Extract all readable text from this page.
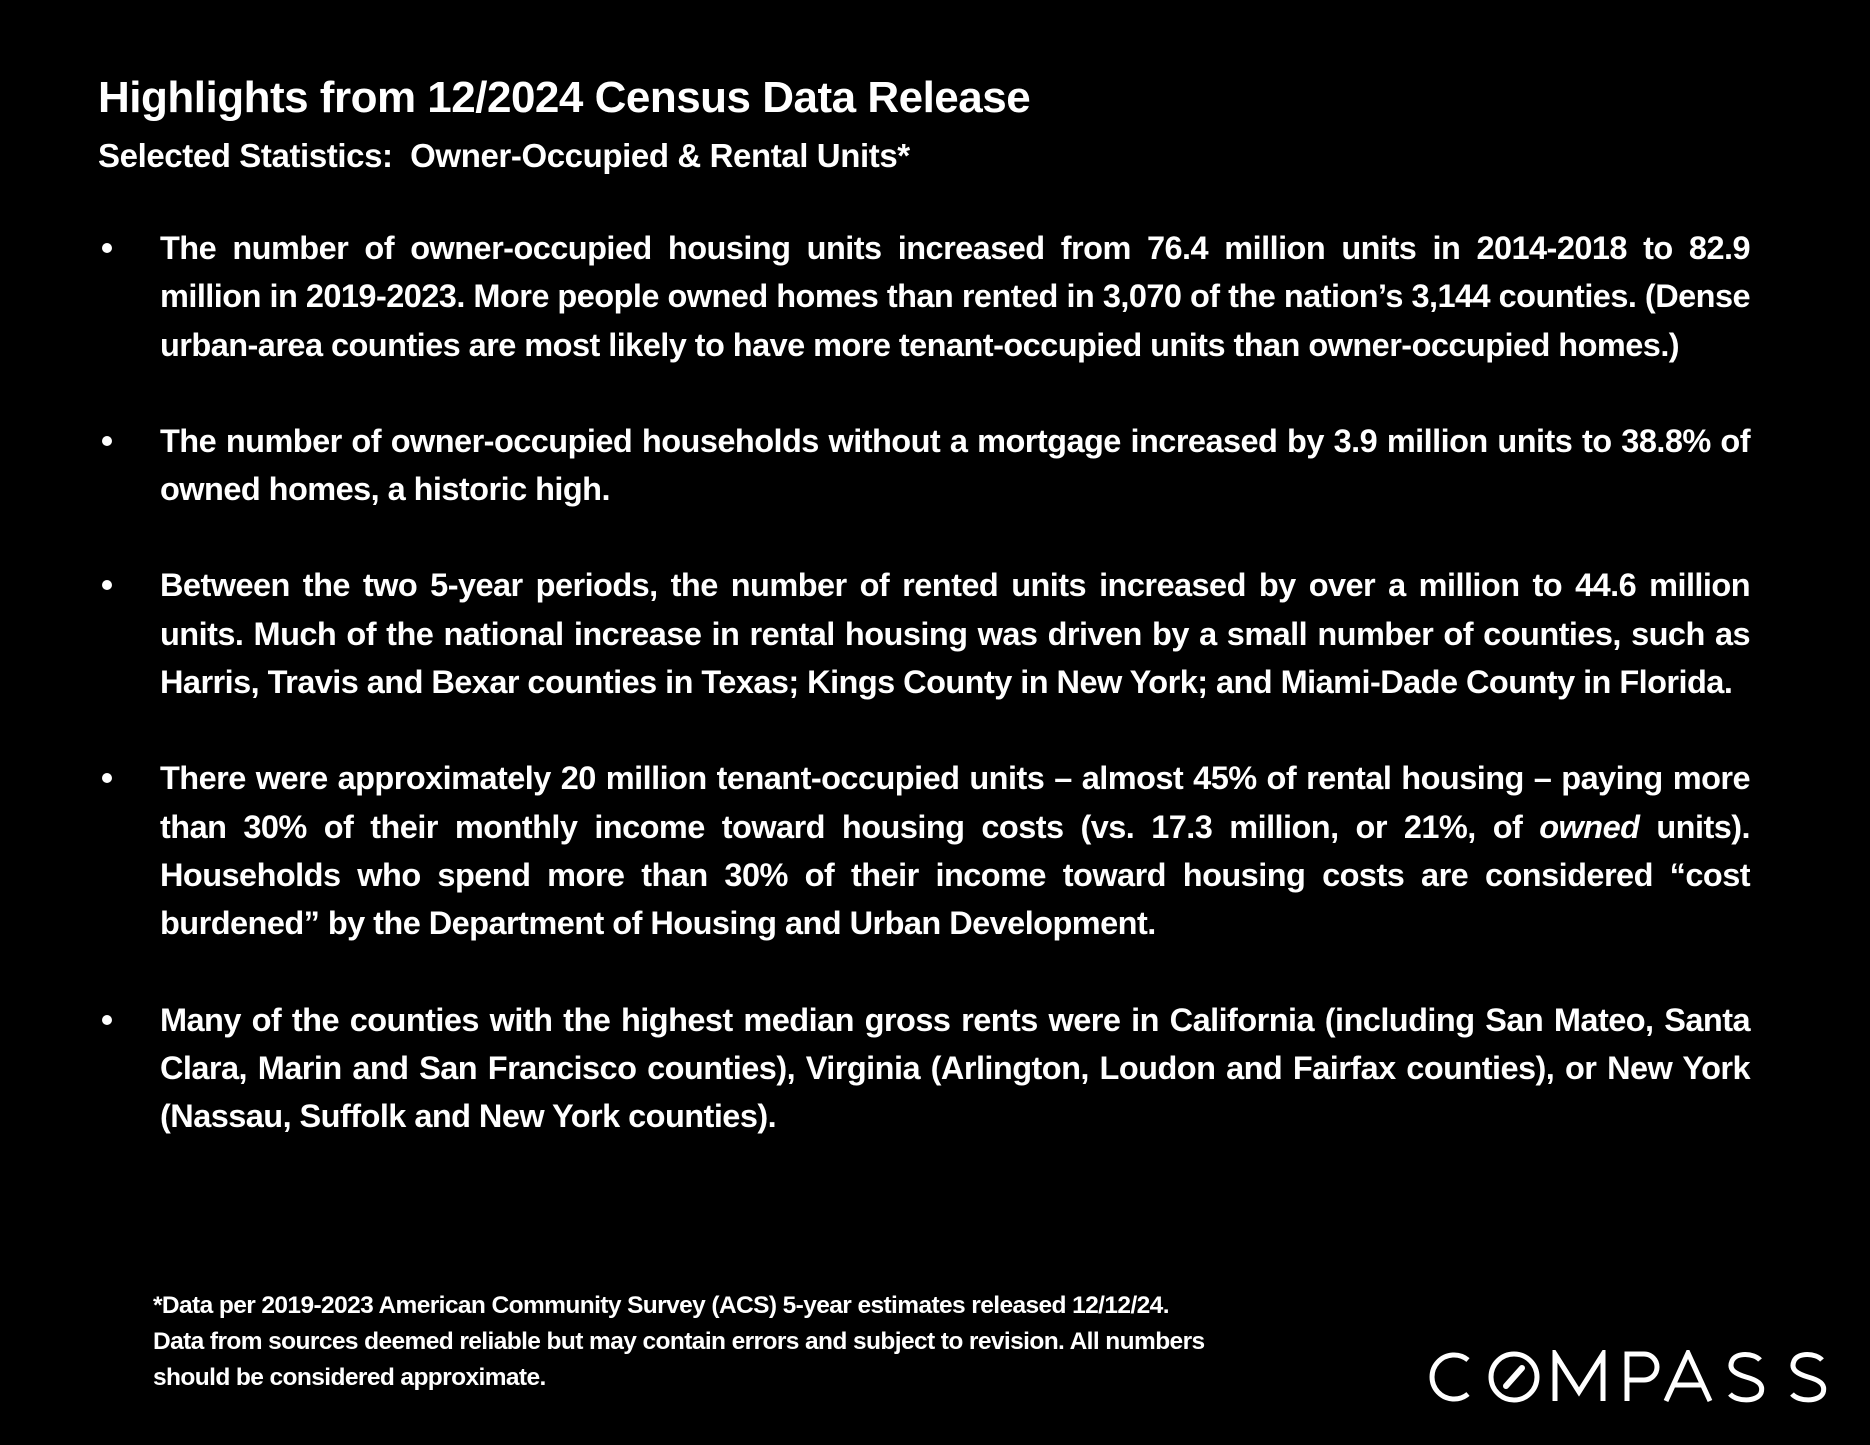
Highlights from 12/2024 Census Data Release
Selected Statistics:  Owner-Occupied & Rental Units*
The number of owner-occupied housing units increased from 76.4 million units in 2014-2018 to 82.9 million in 2019-2023. More people owned homes than rented in 3,070 of the nation’s 3,144 counties. (Dense urban-area counties are most likely to have more tenant-occupied units than owner-occupied homes.)
The number of owner-occupied households without a mortgage increased by 3.9 million units to 38.8% of owned homes, a historic high.
Between the two 5-year periods, the number of rented units increased by over a million to 44.6 million units. Much of the national increase in rental housing was driven by a small number of counties, such as Harris, Travis and Bexar counties in Texas; Kings County in New York; and Miami-Dade County in Florida.
There were approximately 20 million tenant-occupied units – almost 45% of rental housing – paying more than 30% of their monthly income toward housing costs (vs. 17.3 million, or 21%, of owned units). Households who spend more than 30% of their income toward housing costs are considered “cost burdened” by the Department of Housing and Urban Development.
Many of the counties with the highest median gross rents were in California (including San Mateo, Santa Clara, Marin and San Francisco counties), Virginia (Arlington, Loudon and Fairfax counties), or New York (Nassau, Suffolk and New York counties).
*Data per 2019-2023 American Community Survey (ACS) 5-year estimates released 12/12/24.
Data from sources deemed reliable but may contain errors and subject to revision. All numbers
should be considered approximate.
